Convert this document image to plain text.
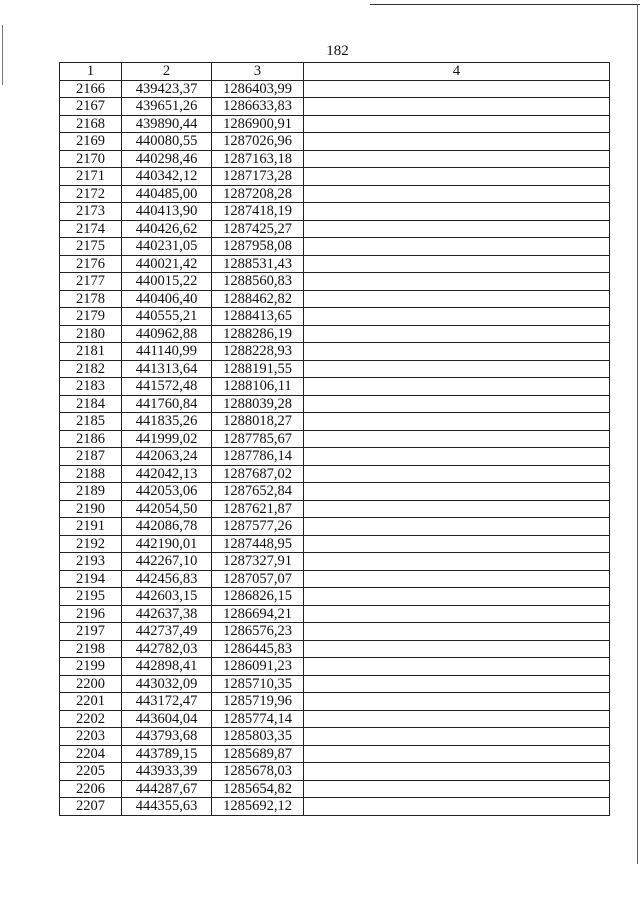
182
1	2	3	4
2166	439423,37	1286403,99	
2167	439651,26	1286633,83	
2168	439890,44	1286900,91	
2169	440080,55	1287026,96	
2170	440298,46	1287163,18	
2171	440342,12	1287173,28	
2172	440485,00	1287208,28	
2173	440413,90	1287418,19	
2174	440426,62	1287425,27	
2175	440231,05	1287958,08	
2176	440021,42	1288531,43	
2177	440015,22	1288560,83	
2178	440406,40	1288462,82	
2179	440555,21	1288413,65	
2180	440962,88	1288286,19	
2181	441140,99	1288228,93	
2182	441313,64	1288191,55	
2183	441572,48	1288106,11	
2184	441760,84	1288039,28	
2185	441835,26	1288018,27	
2186	441999,02	1287785,67	
2187	442063,24	1287786,14	
2188	442042,13	1287687,02	
2189	442053,06	1287652,84	
2190	442054,50	1287621,87	
2191	442086,78	1287577,26	
2192	442190,01	1287448,95	
2193	442267,10	1287327,91	
2194	442456,83	1287057,07	
2195	442603,15	1286826,15	
2196	442637,38	1286694,21	
2197	442737,49	1286576,23	
2198	442782,03	1286445,83	
2199	442898,41	1286091,23	
2200	443032,09	1285710,35	
2201	443172,47	1285719,96	
2202	443604,04	1285774,14	
2203	443793,68	1285803,35	
2204	443789,15	1285689,87	
2205	443933,39	1285678,03	
2206	444287,67	1285654,82	
2207	444355,63	1285692,12	
